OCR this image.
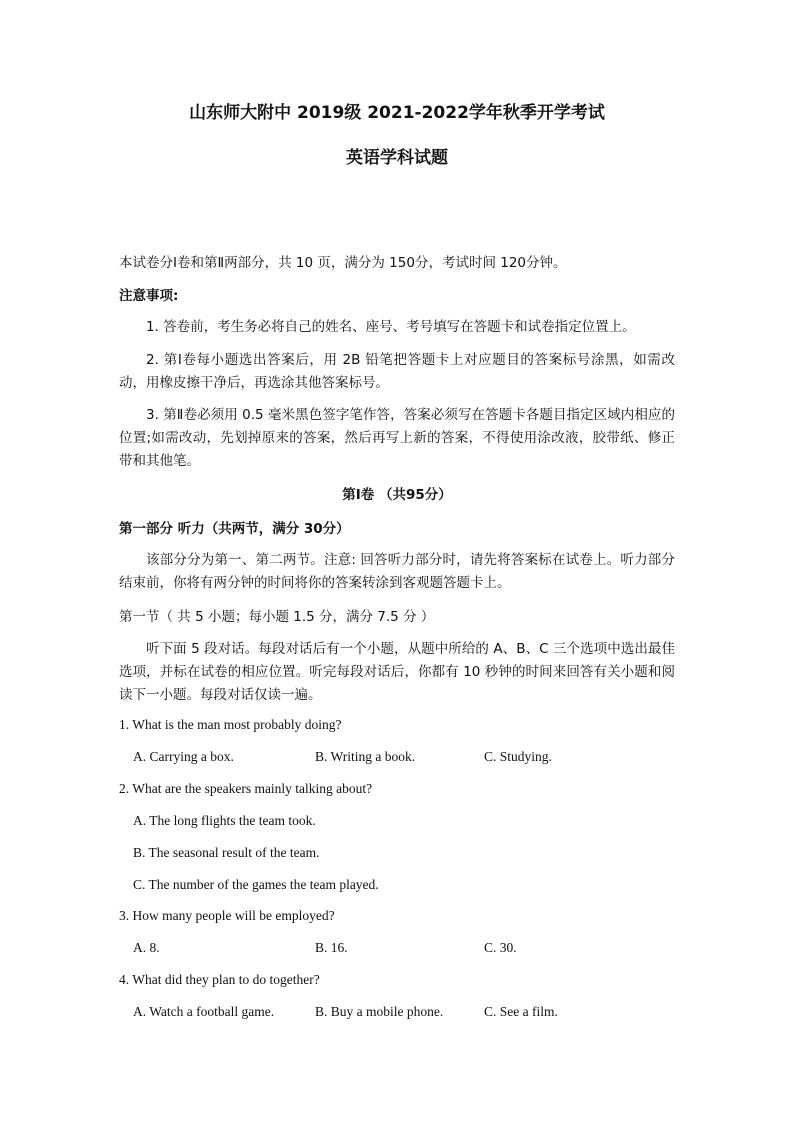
山东师大附中 2019级 2021-2022学年秋季开学考试
英语学科试题
本试卷分Ⅰ卷和第Ⅱ两部分，共 10 页，满分为 150分，考试时间 120分钟。
注意事项:
1. 答卷前，考生务必将自己的姓名、座号、考号填写在答题卡和试卷指定位置上。
2. 第Ⅰ卷每小题选出答案后，用 2B 铅笔把答题卡上对应题目的答案标号涂黑，如需改动，用橡皮擦干净后，再选涂其他答案标号。
3. 第Ⅱ卷必须用 0.5 毫米黑色签字笔作答，答案必须写在答题卡各题目指定区域内相应的位置;如需改动，先划掉原来的答案，然后再写上新的答案，不得使用涂改液，胶带纸、修正带和其他笔。
第Ⅰ卷 （共95分）
第一部分 听力（共两节，满分 30分）
该部分分为第一、第二两节。注意: 回答听力部分时，请先将答案标在试卷上。听力部分结束前，你将有两分钟的时间将你的答案转涂到客观题答题卡上。
第一节（ 共 5 小题；每小题 1.5 分，满分 7.5 分 ）
听下面 5 段对话。每段对话后有一个小题，从题中所给的 A、B、C 三个选项中选出最佳选项，并标在试卷的相应位置。听完每段对话后，你都有 10 秒钟的时间来回答有关小题和阅读下一小题。每段对话仅读一遍。
1. What is the man most probably doing?
A. Carrying a box.	B. Writing a book.	C. Studying.
2. What are the speakers mainly talking about?
A. The long flights the team took.
B. The seasonal result of the team.
C. The number of the games the team played.
3. How many people will be employed?
A. 8.	B. 16.	C. 30.
4. What did they plan to do together?
A. Watch a football game.	B. Buy a mobile phone.	C. See a film.
